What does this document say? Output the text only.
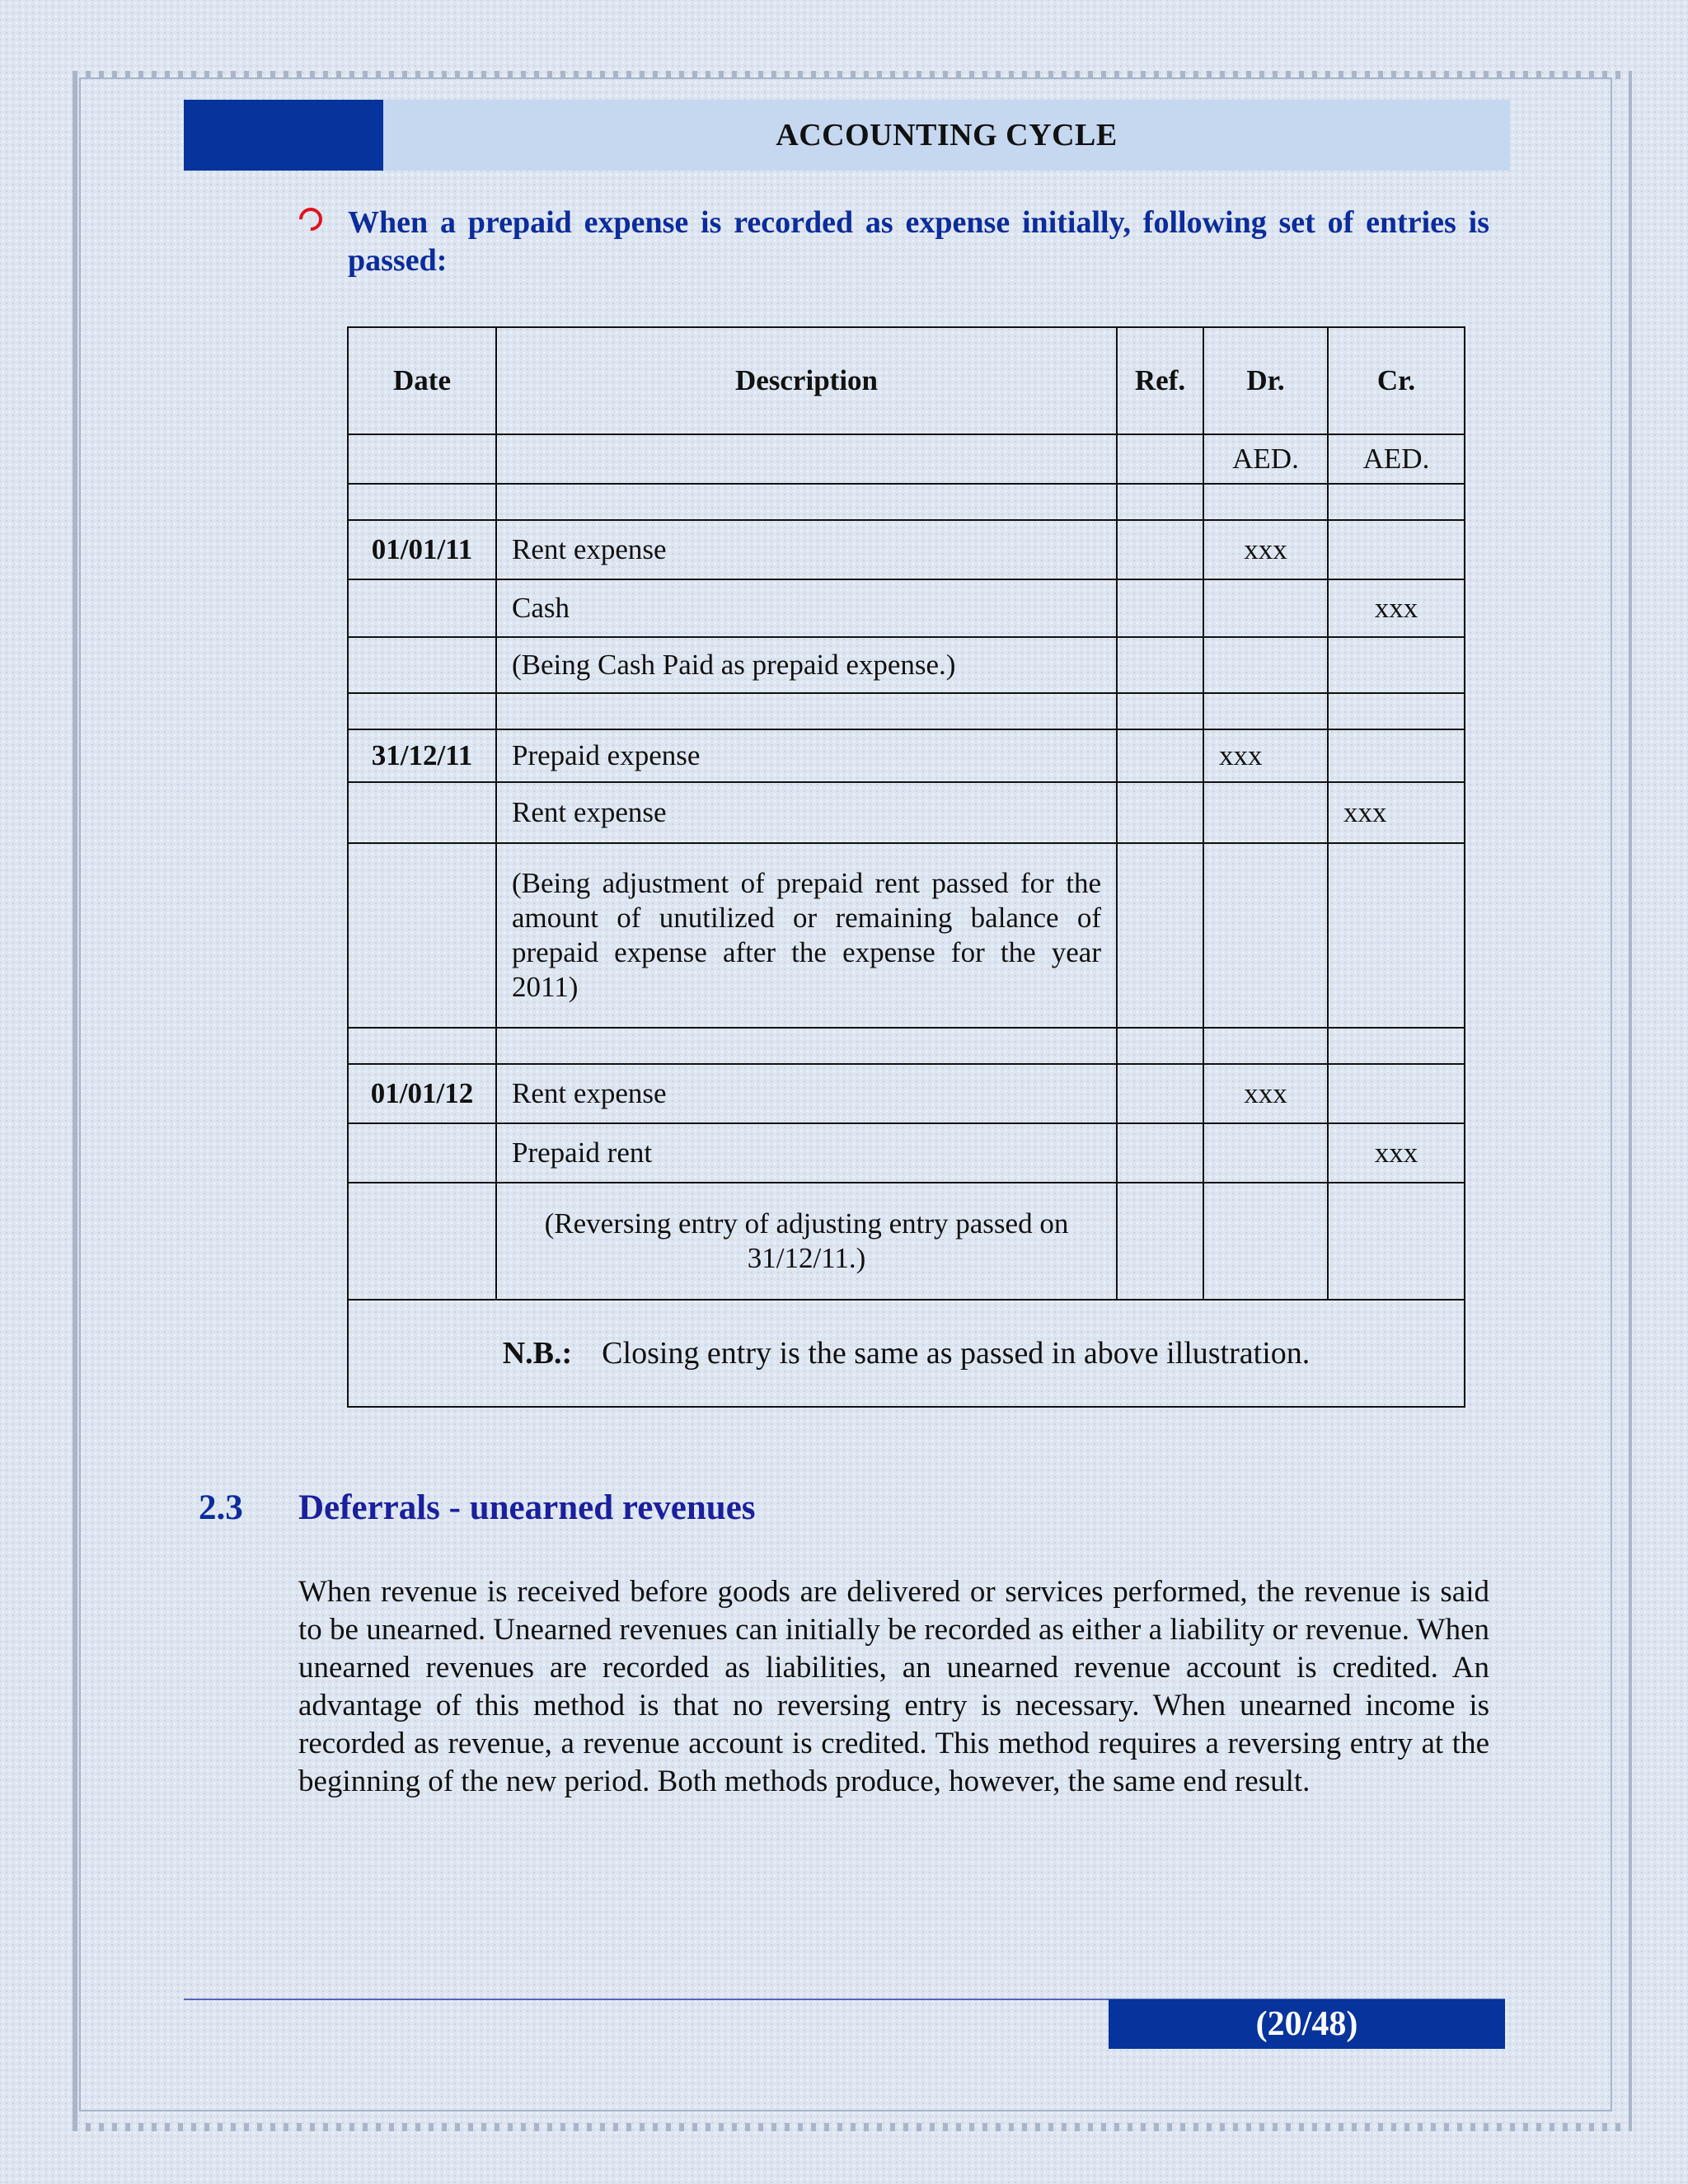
ACCOUNTING CYCLE
When a prepaid expense is recorded as expense initially, following set of entries is passed:
Date	Description	Ref.	Dr.	Cr.
			AED.	AED.

01/01/11	Rent expense		xxx	
	Cash			xxx
	(Being Cash Paid as prepaid expense.)			

31/12/11	Prepaid expense		xxx	
	Rent expense			xxx
	(Being adjustment of prepaid rent passed for the amount of unutilized or remaining balance of prepaid expense after the expense for the year 2011)			

01/01/12	Rent expense		xxx	
	Prepaid rent			xxx
	(Reversing entry of adjusting entry passed on 31/12/11.)			
N.B.: Closing entry is the same as passed in above illustration.				
2.3 Deferrals - unearned revenues
When revenue is received before goods are delivered or services performed, the revenue is said to be unearned. Unearned revenues can initially be recorded as either a liability or revenue. When unearned revenues are recorded as liabilities, an unearned revenue account is credited. An advantage of this method is that no reversing entry is necessary. When unearned income is recorded as revenue, a revenue account is credited. This method requires a reversing entry at the beginning of the new period. Both methods produce, however, the same end result.
(20/48)
